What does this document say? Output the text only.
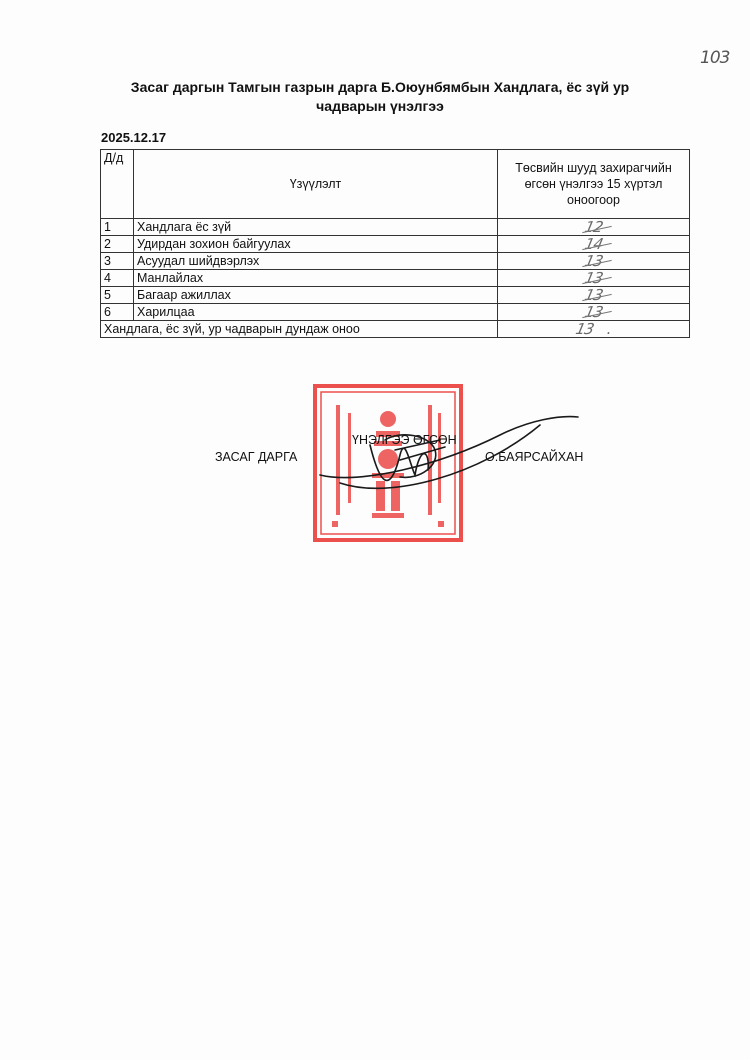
103
Засаг даргын Тамгын газрын дарга Б.Оюунбямбын Хандлага, ёс зүй ур чадварын үнэлгээ
2025.12.17
Д/д	Үзүүлэлт	Төсвийн шууд захирагчийн өгсөн үнэлгээ 15 хүртэл оноогоор
1	Хандлага ёс зүй	12

2	Удирдан зохион байгуулах	14

3	Асуудал шийдвэрлэх	13

4	Манлайлах	13

5	Багаар ажиллах	13

6	Харилцаа	13

Хандлага, ёс зүй, ур чадварын дундаж оноо		13 .
ЗАСАГ ДАРГА
ҮНЭЛГЭЭ ӨГСӨН
О.БАЯРСАЙХАН
